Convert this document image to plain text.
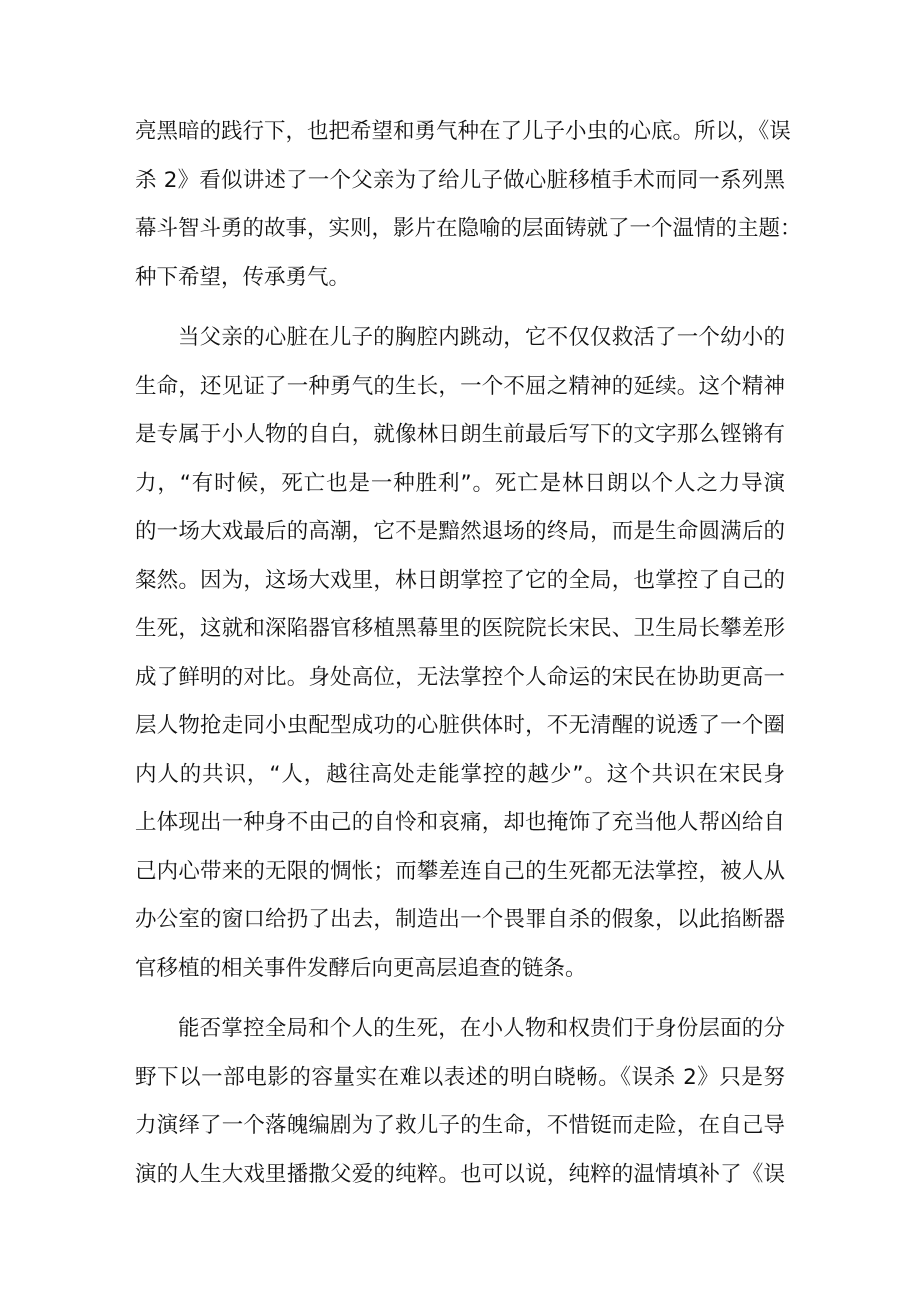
亮黑暗的践行下，也把希望和勇气种在了儿子小虫的心底。所以，《误
杀 2》看似讲述了一个父亲为了给儿子做心脏移植手术而同一系列黑
幕斗智斗勇的故事，实则，影片在隐喻的层面铸就了一个温情的主题：
种下希望，传承勇气。
当父亲的心脏在儿子的胸腔内跳动，它不仅仅救活了一个幼小的
生命，还见证了一种勇气的生长，一个不屈之精神的延续。这个精神
是专属于小人物的自白，就像林日朗生前最后写下的文字那么铿锵有
力，“有时候，死亡也是一种胜利”。死亡是林日朗以个人之力导演
的一场大戏最后的高潮，它不是黯然退场的终局，而是生命圆满后的
粲然。因为，这场大戏里，林日朗掌控了它的全局，也掌控了自己的
生死，这就和深陷器官移植黑幕里的医院院长宋民、卫生局长攀差形
成了鲜明的对比。身处高位，无法掌控个人命运的宋民在协助更高一
层人物抢走同小虫配型成功的心脏供体时，不无清醒的说透了一个圈
内人的共识，“人，越往高处走能掌控的越少”。这个共识在宋民身
上体现出一种身不由己的自怜和哀痛，却也掩饰了充当他人帮凶给自
己内心带来的无限的惆怅；而攀差连自己的生死都无法掌控，被人从
办公室的窗口给扔了出去，制造出一个畏罪自杀的假象，以此掐断器
官移植的相关事件发酵后向更高层追查的链条。
能否掌控全局和个人的生死，在小人物和权贵们于身份层面的分
野下以一部电影的容量实在难以表述的明白晓畅。《误杀 2》只是努
力演绎了一个落魄编剧为了救儿子的生命，不惜铤而走险，在自己导
演的人生大戏里播撒父爱的纯粹。也可以说，纯粹的温情填补了《误
